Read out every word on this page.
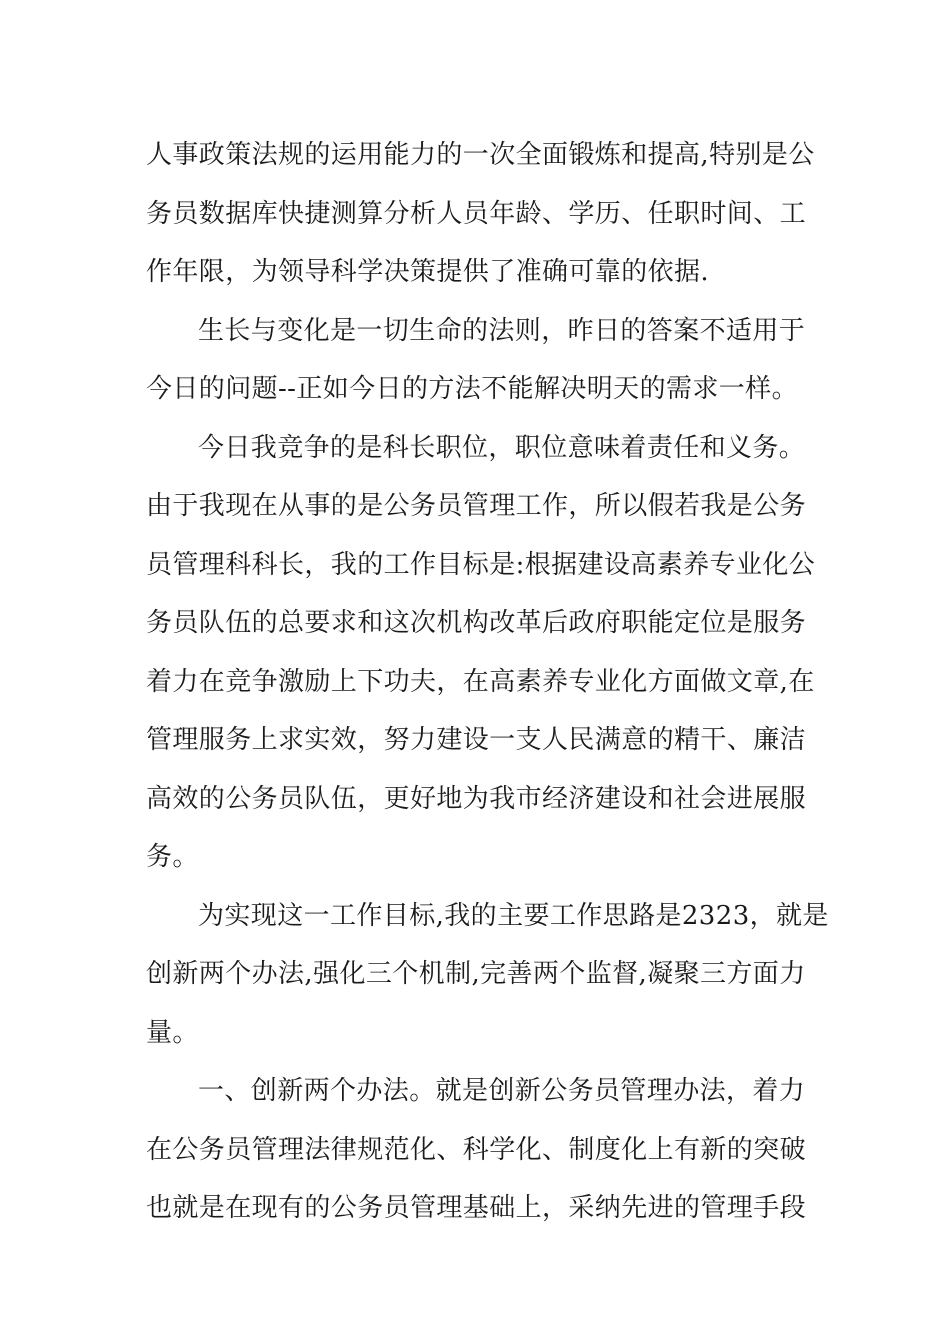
人事政策法规的运用能力的一次全面锻炼和提高,特别是公
务员数据库快捷测算分析人员年龄、学历、任职时间、工
作年限，为领导科学决策提供了准确可靠的依据.
生长与变化是一切生命的法则，昨日的答案不适用于
今日的问题--正如今日的方法不能解决明天的需求一样。
今日我竞争的是科长职位，职位意味着责任和义务。
由于我现在从事的是公务员管理工作，所以假若我是公务
员管理科科长，我的工作目标是:根据建设高素养专业化公
务员队伍的总要求和这次机构改革后政府职能定位是服务
着力在竞争激励上下功夫，在高素养专业化方面做文章,在
管理服务上求实效，努力建设一支人民满意的精干、廉洁
高效的公务员队伍，更好地为我市经济建设和社会进展服
务。
为实现这一工作目标,我的主要工作思路是2323，就是
创新两个办法,强化三个机制,完善两个监督,凝聚三方面力
量。
一、创新两个办法。就是创新公务员管理办法，着力
在公务员管理法律规范化、科学化、制度化上有新的突破
也就是在现有的公务员管理基础上，采纳先进的管理手段
